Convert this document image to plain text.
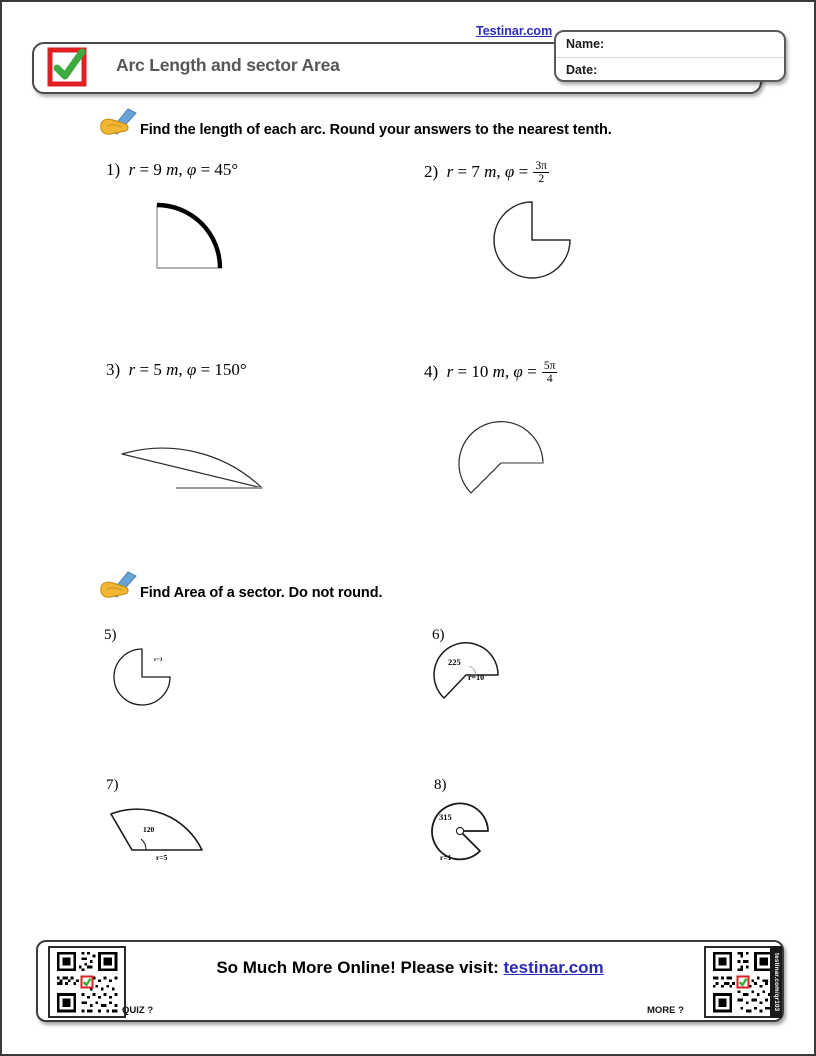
Arc Length and sector Area
Testinar.com
Name:
Date:
Find the length of each arc. Round your answers to the nearest tenth.
1)  r = 9 m, φ = 45°	2)  r = 7 m, $\varphi = \frac{3\pi}{2}$
3)  r = 5 m, φ = 150°	4)  r = 10 m, $\varphi = \frac{5\pi}{4}$
Find Area of a sector. Do not round.
5)
r=3
6)
225
r=10
7)
120
r=5
8)
315
r=1
So Much More Online! Please visit: testinar.com
QUIZ ?	testinar.com/qr103
MORE ?
